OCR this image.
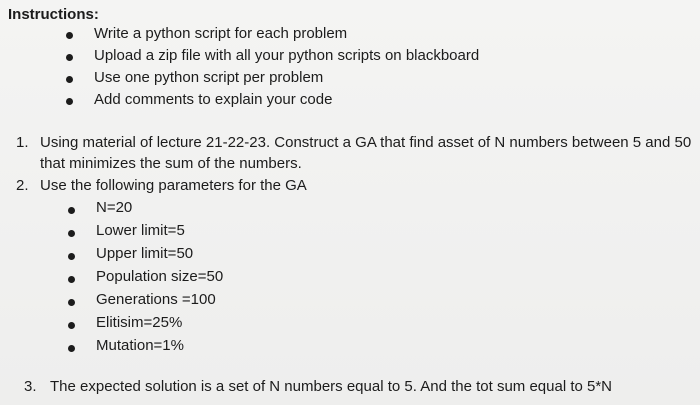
Instructions:
Write a python script for each problem
Upload a zip file with all your python scripts on blackboard
Use one python script per problem
Add comments to explain your code
1. Using material of lecture 21-22-23. Construct a GA that find asset of N numbers between 5 and 50
that minimizes the sum of the numbers.
2. Use the following parameters for the GA
N=20
Lower limit=5
Upper limit=50
Population size=50
Generations =100
Elitisim=25%
Mutation=1%
3. The expected solution is a set of N numbers equal to 5. And the tot sum equal to 5*N
